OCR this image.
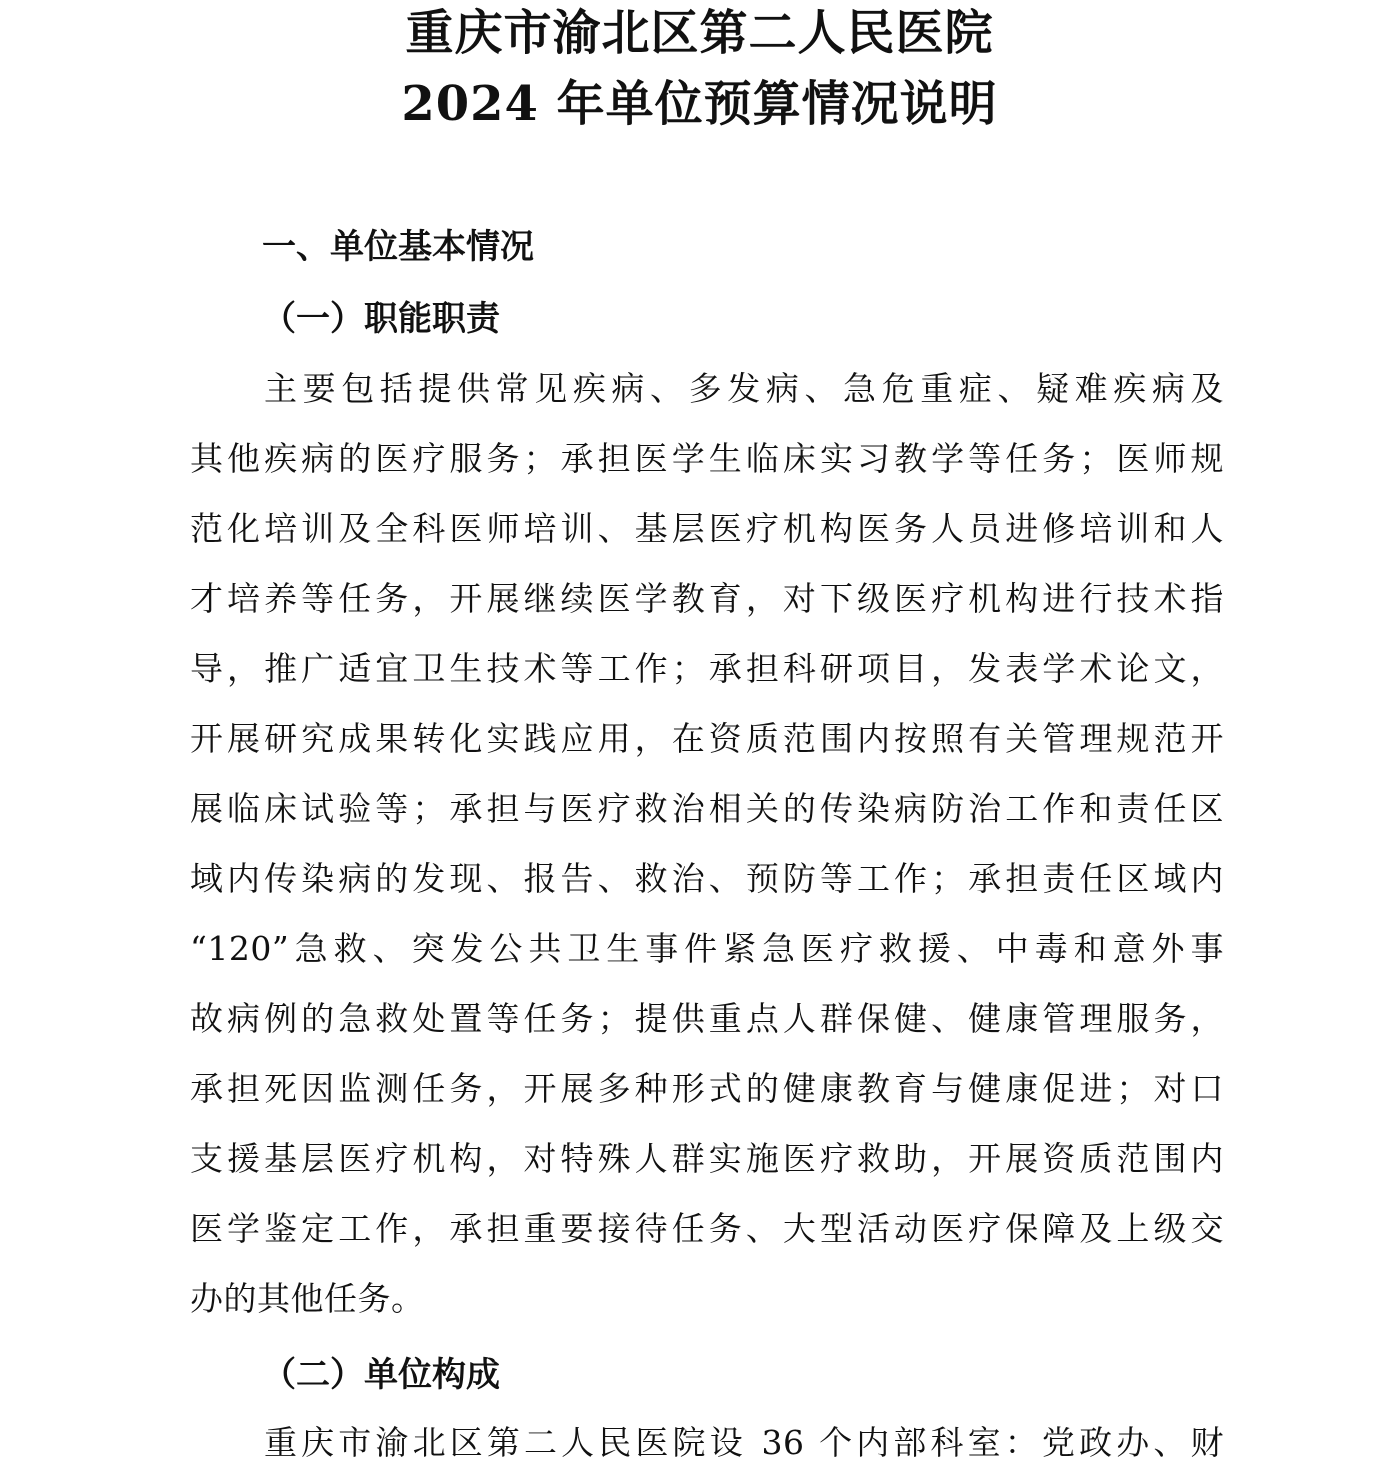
重庆市渝北区第二人民医院
2024 年单位预算情况说明
一、单位基本情况
（一）职能职责
主要包括提供常见疾病、多发病、急危重症、疑难疾病及
其他疾病的医疗服务；承担医学生临床实习教学等任务；医师规
范化培训及全科医师培训、基层医疗机构医务人员进修培训和人
才培养等任务，开展继续医学教育，对下级医疗机构进行技术指
导，推广适宜卫生技术等工作；承担科研项目，发表学术论文，
开展研究成果转化实践应用，在资质范围内按照有关管理规范开
展临床试验等；承担与医疗救治相关的传染病防治工作和责任区
域内传染病的发现、报告、救治、预防等工作；承担责任区域内
“120”急救、突发公共卫生事件紧急医疗救援、中毒和意外事
故病例的急救处置等任务；提供重点人群保健、健康管理服务，
承担死因监测任务，开展多种形式的健康教育与健康促进；对口
支援基层医疗机构，对特殊人群实施医疗救助，开展资质范围内
医学鉴定工作，承担重要接待任务、大型活动医疗保障及上级交
办的其他任务。
（二）单位构成
重庆市渝北区第二人民医院设 36 个内部科室：党政办、财
